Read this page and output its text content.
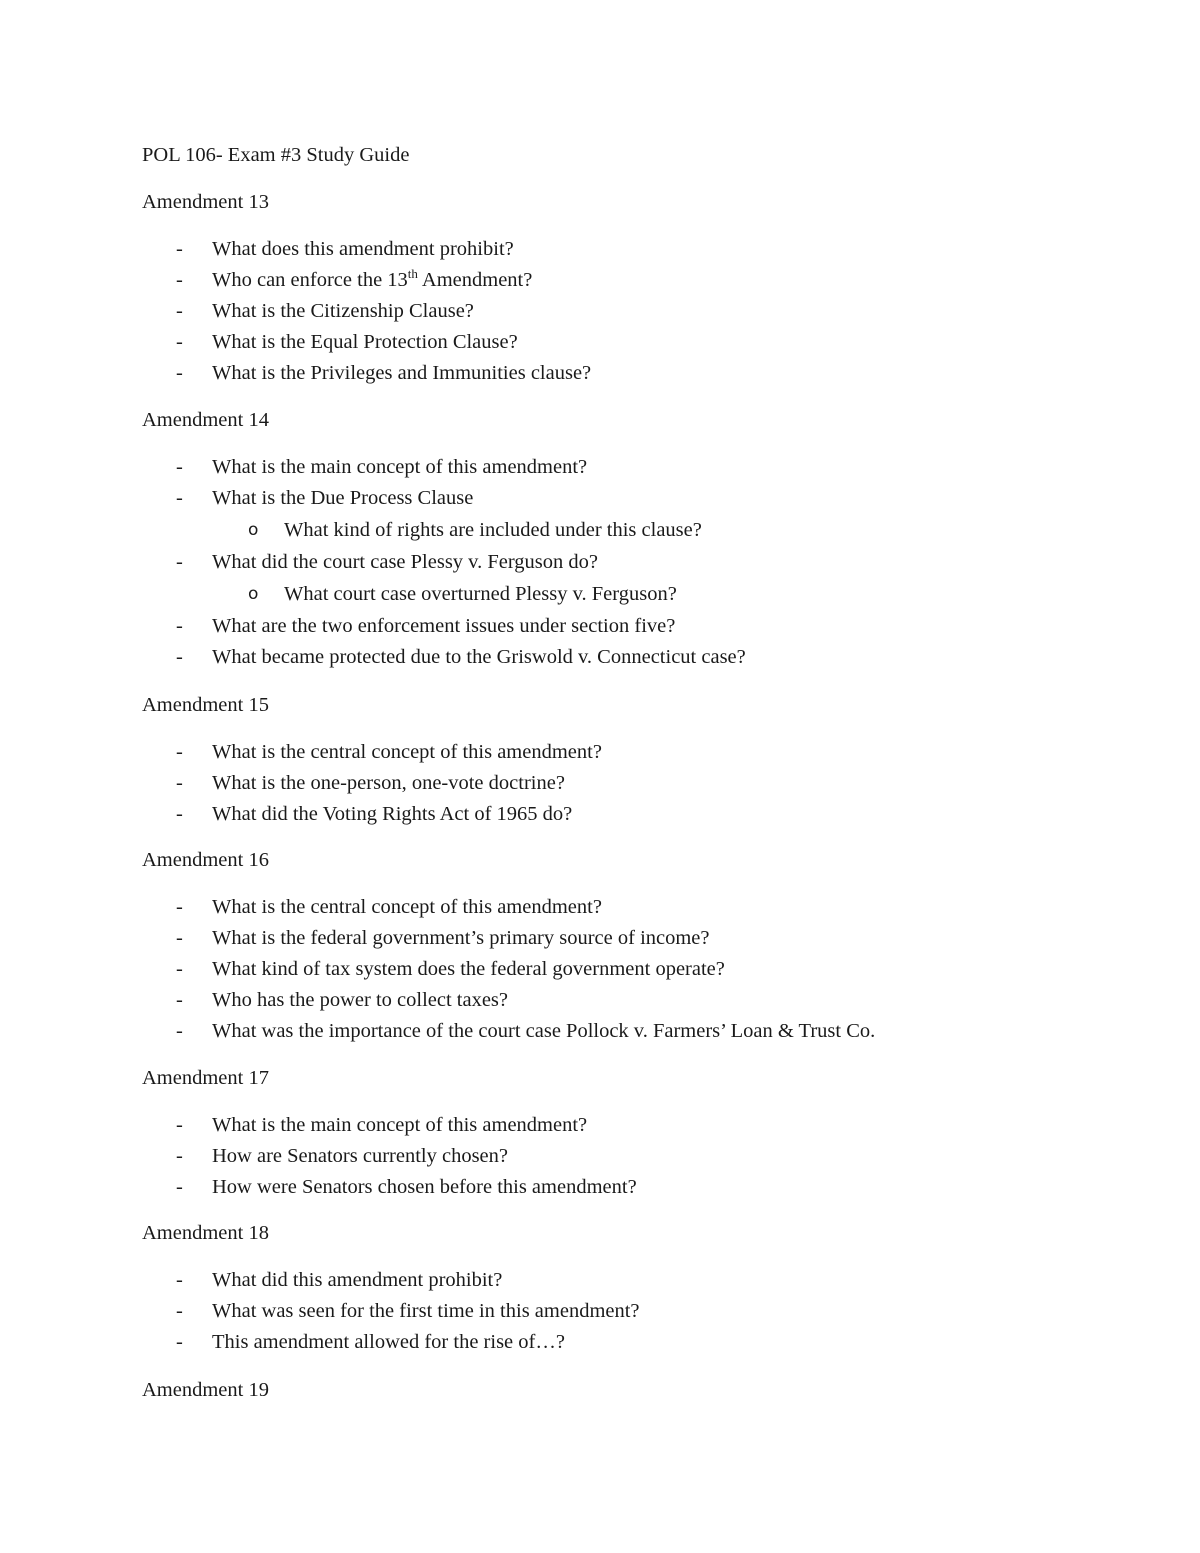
POL 106- Exam #3 Study Guide
Amendment 13
- What does this amendment prohibit?
- Who can enforce the 13th Amendment?
- What is the Citizenship Clause?
- What is the Equal Protection Clause?
- What is the Privileges and Immunities clause?
Amendment 14
- What is the main concept of this amendment?
- What is the Due Process Clause
o What kind of rights are included under this clause?
- What did the court case Plessy v. Ferguson do?
o What court case overturned Plessy v. Ferguson?
- What are the two enforcement issues under section five?
- What became protected due to the Griswold v. Connecticut case?
Amendment 15
- What is the central concept of this amendment?
- What is the one-person, one-vote doctrine?
- What did the Voting Rights Act of 1965 do?
Amendment 16
- What is the central concept of this amendment?
- What is the federal government’s primary source of income?
- What kind of tax system does the federal government operate?
- Who has the power to collect taxes?
- What was the importance of the court case Pollock v. Farmers’ Loan & Trust Co.
Amendment 17
- What is the main concept of this amendment?
- How are Senators currently chosen?
- How were Senators chosen before this amendment?
Amendment 18
- What did this amendment prohibit?
- What was seen for the first time in this amendment?
- This amendment allowed for the rise of…?
Amendment 19
